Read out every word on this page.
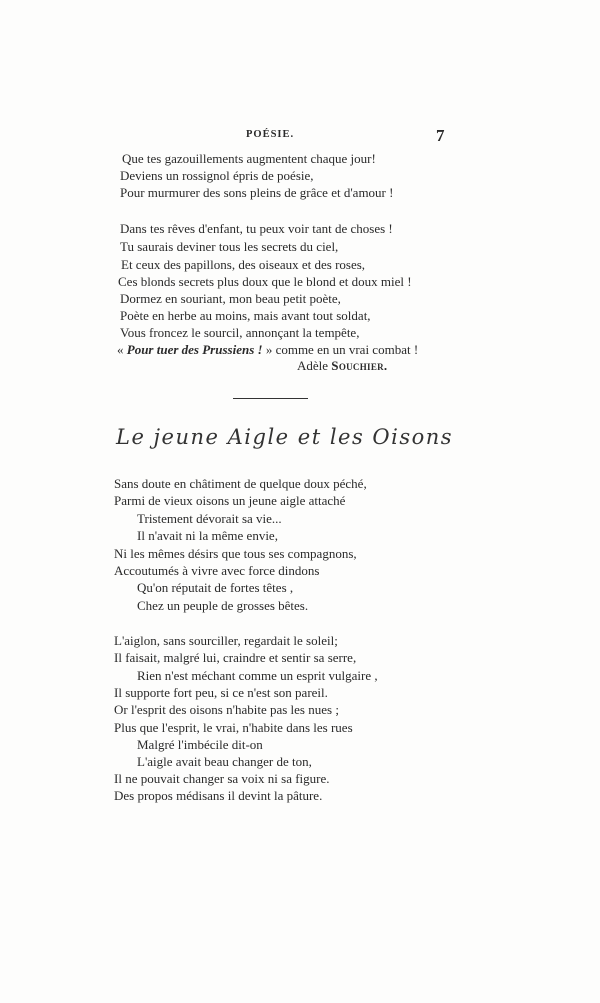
POÉSIE.	7
Que tes gazouillements augmentent chaque jour!
Deviens un rossignol épris de poésie,
Pour murmurer des sons pleins de grâce et d'amour !
Dans tes rêves d'enfant, tu peux voir tant de choses !
Tu saurais deviner tous les secrets du ciel,
Et ceux des papillons, des oiseaux et des roses,
Ces blonds secrets plus doux que le blond et doux miel !
Dormez en souriant, mon beau petit poète,
Poète en herbe au moins, mais avant tout soldat,
Vous froncez le sourcil, annonçant la tempête,
« Pour tuer des Prussiens ! » comme en un vrai combat !
Adèle Souchier.
Le jeune Aigle et les Oisons
Sans doute en châtiment de quelque doux péché,
Parmi de vieux oisons un jeune aigle attaché
Tristement dévorait sa vie...
Il n'avait ni la même envie,
Ni les mêmes désirs que tous ses compagnons,
Accoutumés à vivre avec force dindons
Qu'on réputait de fortes têtes ,
Chez un peuple de grosses bêtes.
L'aiglon, sans sourciller, regardait le soleil;
Il faisait, malgré lui, craindre et sentir sa serre,
Rien n'est méchant comme un esprit vulgaire ,
Il supporte fort peu, si ce n'est son pareil.
Or l'esprit des oisons n'habite pas les nues ;
Plus que l'esprit, le vrai, n'habite dans les rues
Malgré l'imbécile dit-on
L'aigle avait beau changer de ton,
Il ne pouvait changer sa voix ni sa figure.
Des propos médisans il devint la pâture.
